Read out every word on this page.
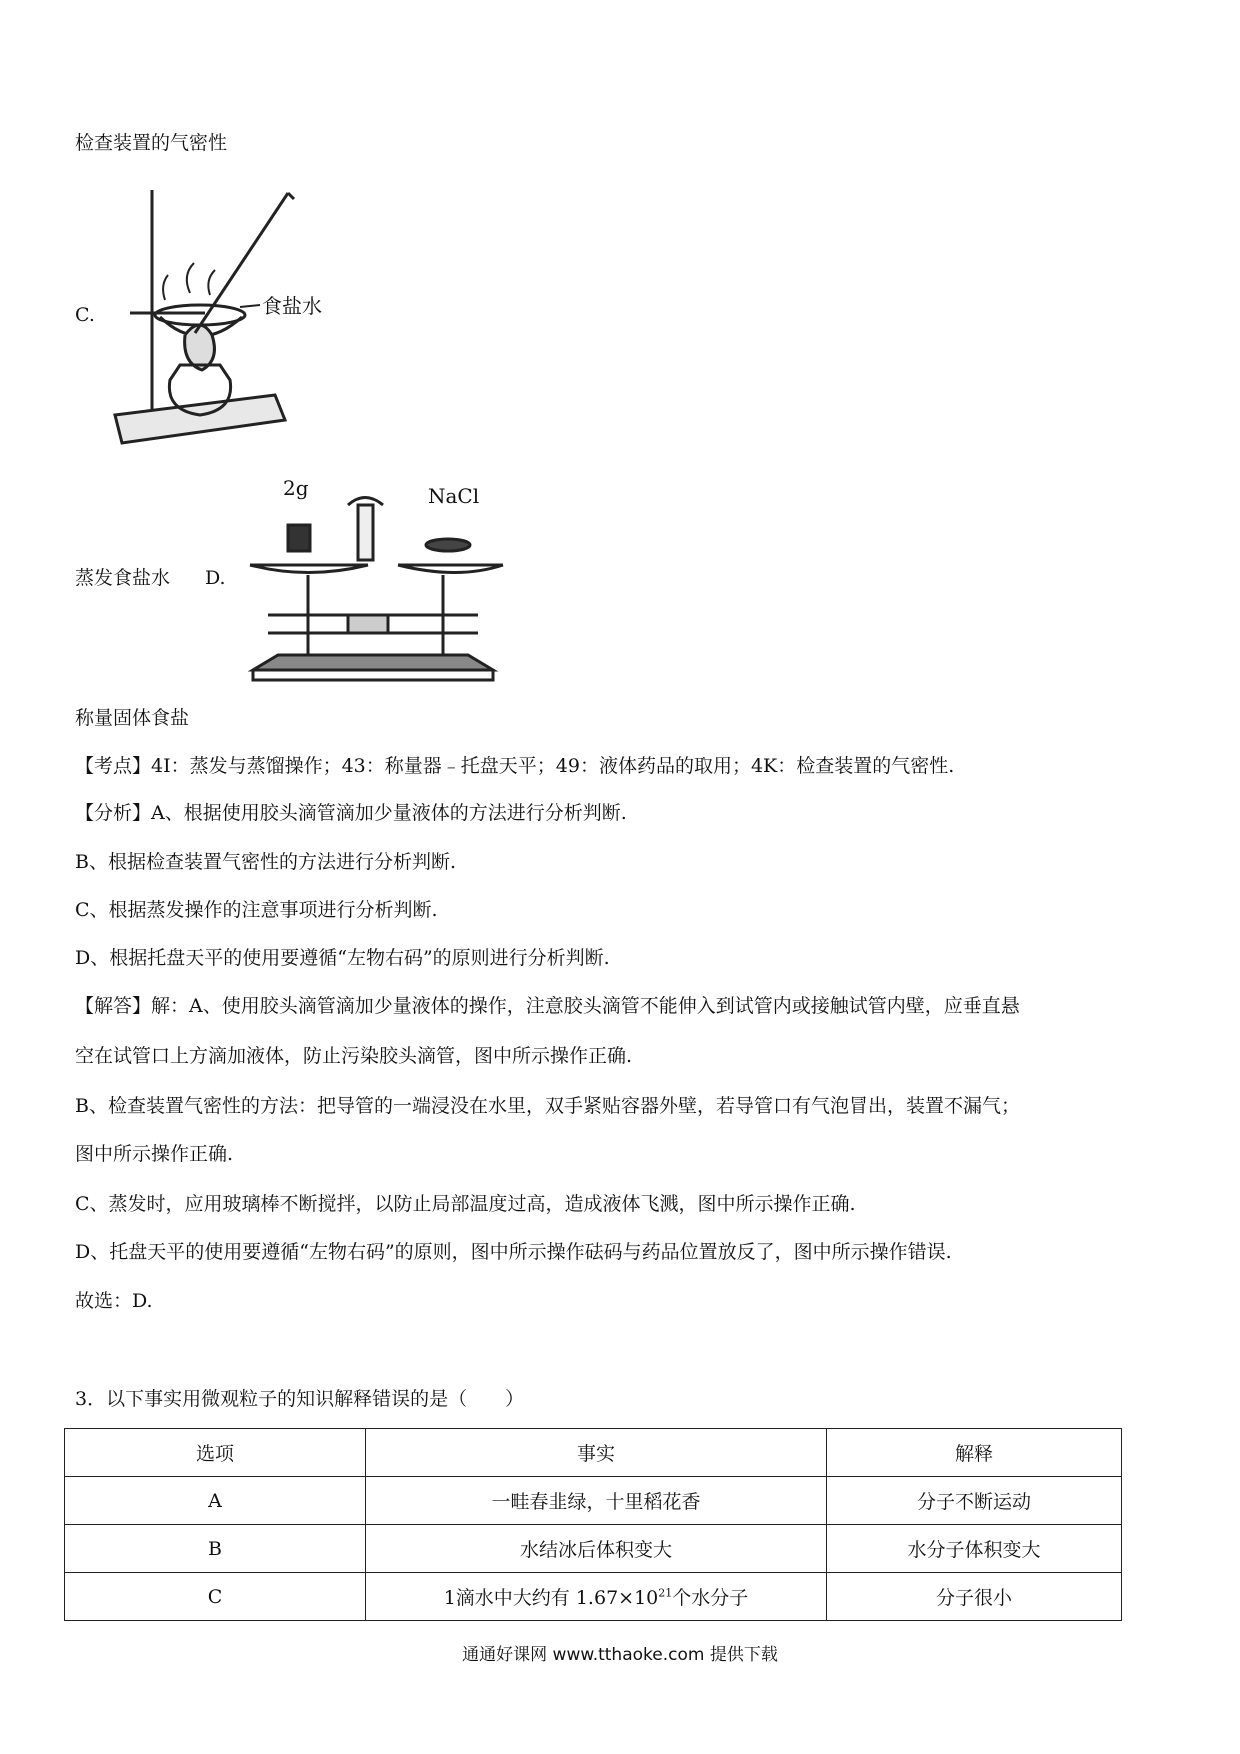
检查装置的气密性
C.	食盐水
蒸发食盐水 D.
2g	NaCl
称量固体食盐
【考点】4I：蒸发与蒸馏操作；43：称量器﹣托盘天平；49：液体药品的取用；4K：检查装置的气密性.
【分析】A、根据使用胶头滴管滴加少量液体的方法进行分析判断.
B、根据检查装置气密性的方法进行分析判断.
C、根据蒸发操作的注意事项进行分析判断.
D、根据托盘天平的使用要遵循“左物右码”的原则进行分析判断.
【解答】解：A、使用胶头滴管滴加少量液体的操作，注意胶头滴管不能伸入到试管内或接触试管内壁，应垂直悬
空在试管口上方滴加液体，防止污染胶头滴管，图中所示操作正确.
B、检查装置气密性的方法：把导管的一端浸没在水里，双手紧贴容器外壁，若导管口有气泡冒出，装置不漏气；
图中所示操作正确.
C、蒸发时，应用玻璃棒不断搅拌，以防止局部温度过高，造成液体飞溅，图中所示操作正确.
D、托盘天平的使用要遵循“左物右码”的原则，图中所示操作砝码与药品位置放反了，图中所示操作错误.
故选：D.
3．以下事实用微观粒子的知识解释错误的是（　　）
选项	事实	解释
A	一畦春韭绿，十里稻花香	分子不断运动
B	水结冰后体积变大	水分子体积变大
C	1滴水中大约有 $1.67\times 10^{21}$个水分子	分子很小
通通好课网 www.tthaoke.com 提供下载
